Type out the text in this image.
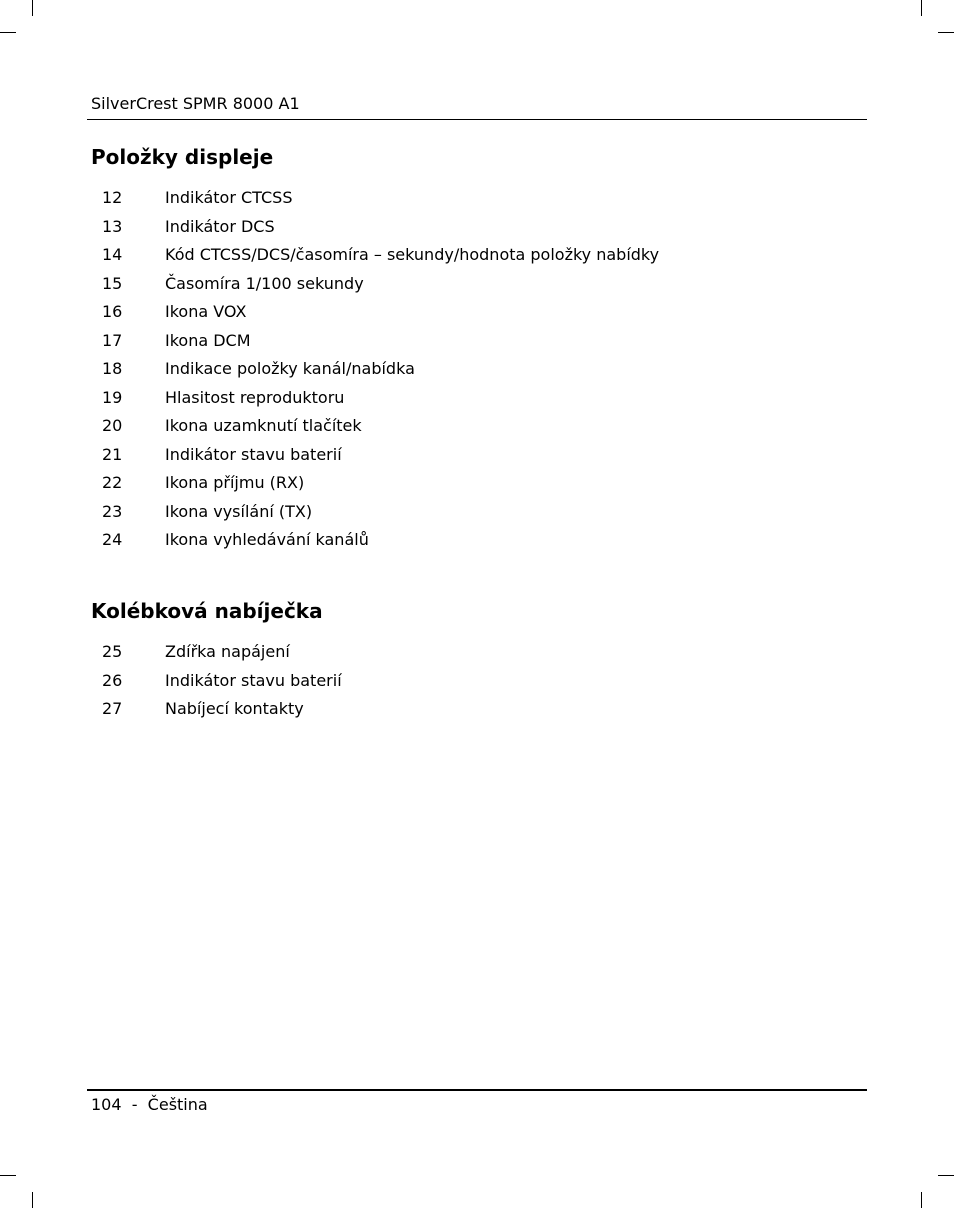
SilverCrest SPMR 8000 A1
Položky displeje
12	Indikátor CTCSS
13	Indikátor DCS
14	Kód CTCSS/DCS/časomíra – sekundy/hodnota položky nabídky
15	Časomíra 1/100 sekundy
16	Ikona VOX
17	Ikona DCM
18	Indikace položky kanál/nabídka
19	Hlasitost reproduktoru
20	Ikona uzamknutí tlačítek
21	Indikátor stavu baterií
22	Ikona příjmu (RX)
23	Ikona vysílání (TX)
24	Ikona vyhledávání kanálů
Kolébková nabíječka
25	Zdířka napájení
26	Indikátor stavu baterií
27	Nabíjecí kontakty
104 - Čeština
